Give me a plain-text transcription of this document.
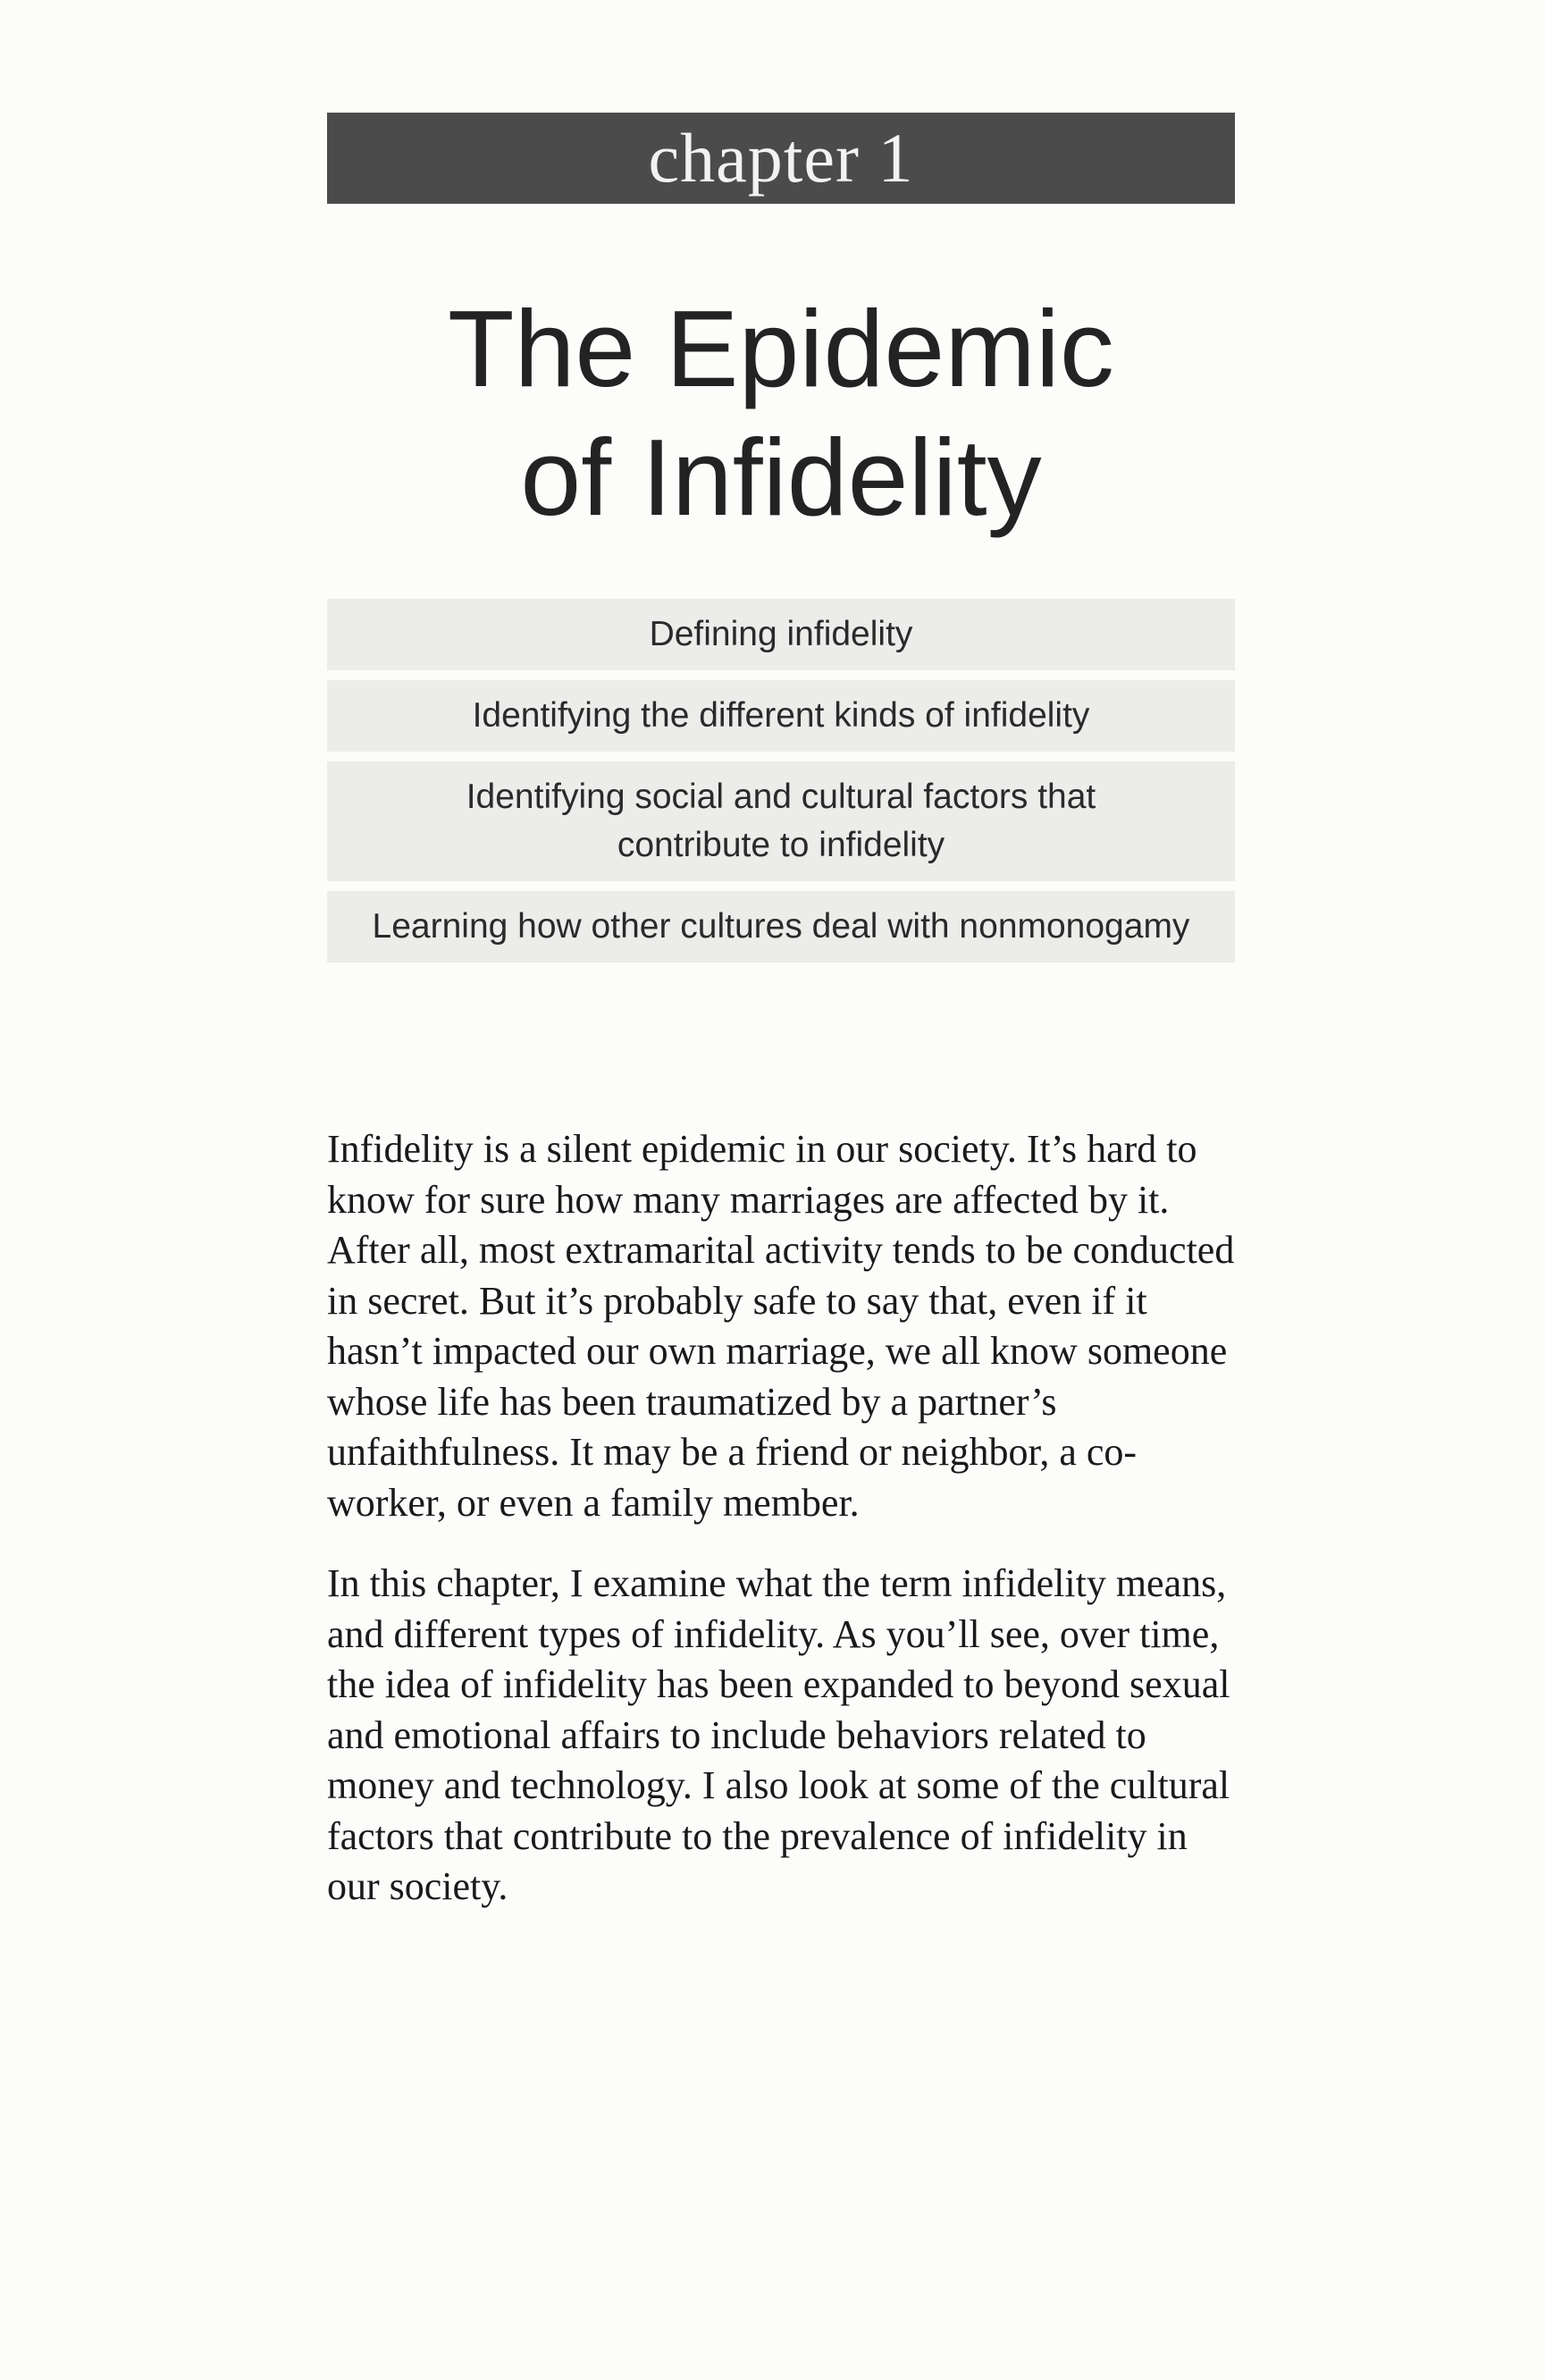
chapter 1
The Epidemic
of Infidelity
Defining infidelity
Identifying the different kinds of infidelity
Identifying social and cultural factors that contribute to infidelity
Learning how other cultures deal with nonmonogamy

Infidelity is a silent epidemic in our society. It’s hard to know for sure how many marriages are affected by it. After all, most extramarital activity tends to be conducted in secret. But it’s probably safe to say that, even if it hasn’t impacted our own marriage, we all know someone whose life has been traumatized by a partner’s unfaithfulness. It may be a friend or neighbor, a co-worker, or even a family member.

In this chapter, I examine what the term infidelity means, and different types of infidelity. As you’ll see, over time, the idea of infidelity has been expanded to beyond sexual and emotional affairs to include behaviors related to money and technology. I also look at some of the cultural factors that contribute to the prevalence of infidelity in our society.
